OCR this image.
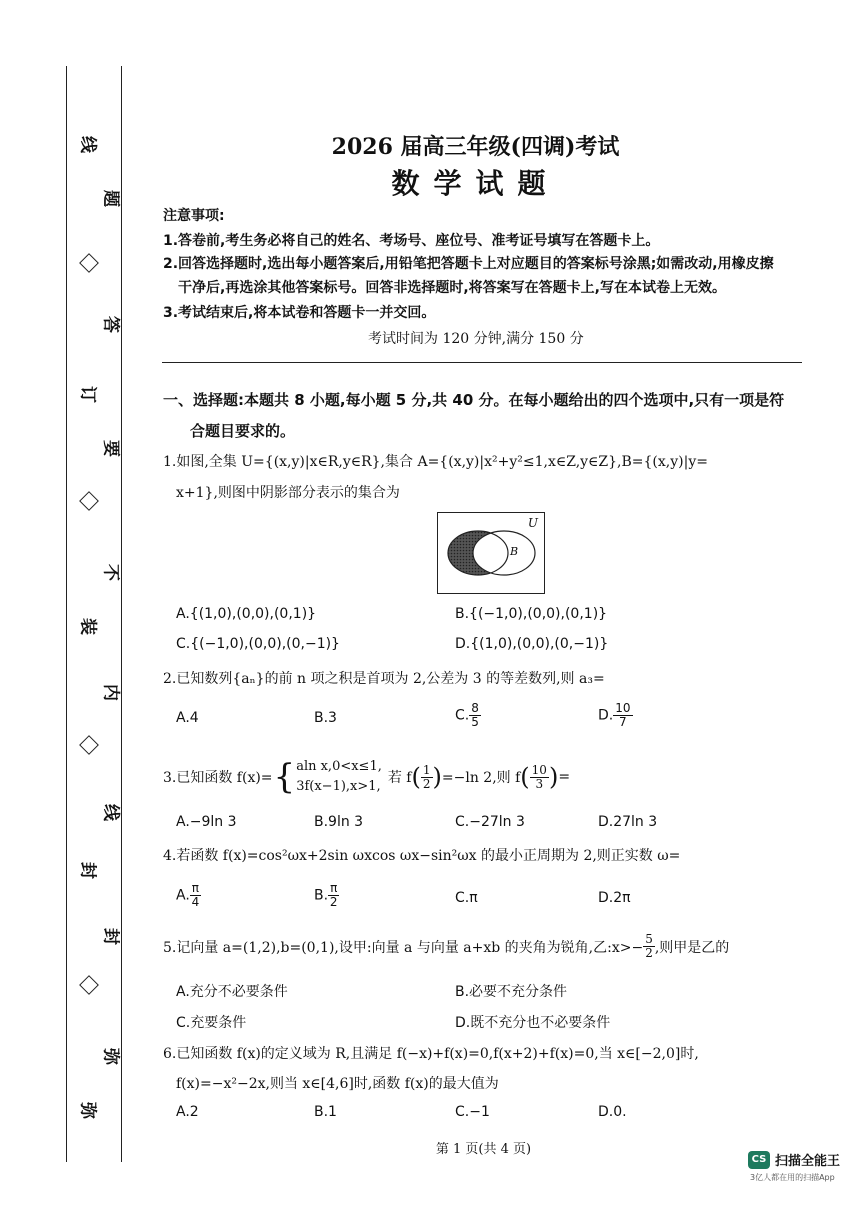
线
订
装
封
弥
题
答
要
不
内
线
封
弥
2026 届高三年级(四调)考试
数学试题
注意事项:
1.答卷前,考生务必将自己的姓名、考场号、座位号、准考证号填写在答题卡上。
2.回答选择题时,选出每小题答案后,用铅笔把答题卡上对应题目的答案标号涂黑;如需改动,用橡皮擦
干净后,再选涂其他答案标号。回答非选择题时,将答案写在答题卡上,写在本试卷上无效。
3.考试结束后,将本试卷和答题卡一并交回。
考试时间为 120 分钟,满分 150 分
一、选择题:本题共 8 小题,每小题 5 分,共 40 分。在每小题给出的四个选项中,只有一项是符
合题目要求的。
1.如图,全集 U={(x,y)|x∈R,y∈R},集合 A={(x,y)|x²+y²≤1,x∈Z,y∈Z},B={(x,y)|y=
x+1},则图中阴影部分表示的集合为
U
B
A.{(1,0),(0,0),(0,1)}	B.{(−1,0),(0,0),(0,1)}
C.{(−1,0),(0,0),(0,−1)}	D.{(1,0),(0,0),(0,−1)}
2.已知数列{aₙ}的前 n 项之积是首项为 2,公差为 3 的等差数列,则 a₃=
A.4	B.3	C. $\frac{8}{5}$	D. $\frac{10}{7}$
3.已知函数 f(x)= { aln x,0<x≤1,
3f(x−1),x>1,
若 f ( $\frac{1}{2}$ ) =−ln 2,则 f ( $\frac{10}{3}$ ) =
A.−9ln 3	B.9ln 3	C.−27ln 3	D.27ln 3
4.若函数 f(x)=cos²ωx+2sin ωxcos ωx−sin²ωx 的最小正周期为 2,则正实数 ω=
A. $\frac{\pi}{4}$	B. $\frac{\pi}{2}$	C.π	D.2π
5.记向量 a=(1,2),b=(0,1),设甲:向量 a 与向量 a+xb 的夹角为锐角,乙:x>− $\frac{5}{2}$ ,则甲是乙的
A.充分不必要条件	B.必要不充分条件
C.充要条件	D.既不充分也不必要条件
6.已知函数 f(x)的定义域为 R,且满足 f(−x)+f(x)=0,f(x+2)+f(x)=0,当 x∈[−2,0]时,
f(x)=−x²−2x,则当 x∈[4,6]时,函数 f(x)的最大值为
A.2	B.1	C.−1	D.0.
第 1 页(共 4 页)
CS 扫描全能王
3亿人都在用的扫描App
